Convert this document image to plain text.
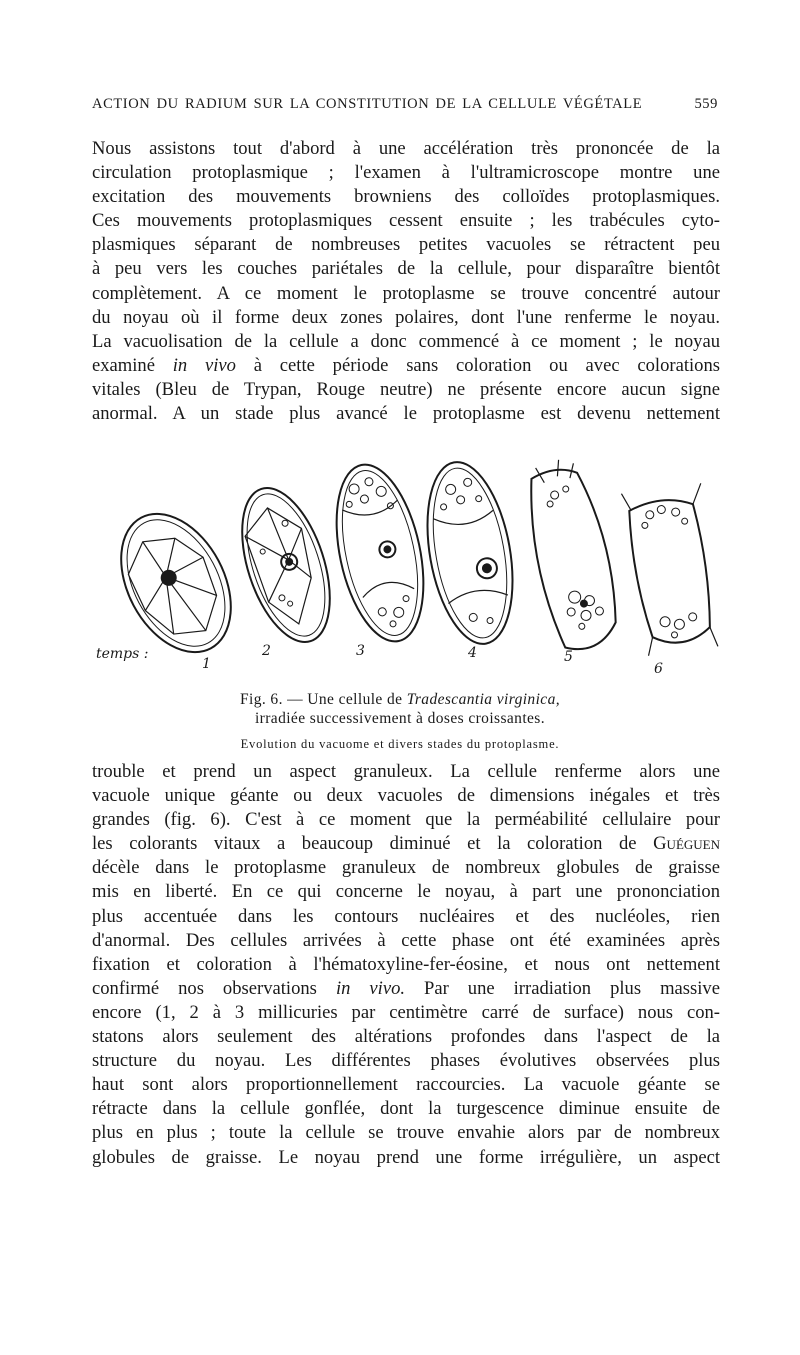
ACTION DU RADIUM SUR LA CONSTITUTION DE LA CELLULE VÉGÉTALE	559

Nous assistons tout d'abord à une accélération très prononcée de la
circulation protoplasmique ; l'examen à l'ultramicroscope montre une
excitation des mouvements browniens des colloïdes protoplasmiques.
Ces mouvements protoplasmiques cessent ensuite ; les trabécules cyto-
plasmiques séparant de nombreuses petites vacuoles se rétractent peu
à peu vers les couches pariétales de la cellule, pour disparaître bientôt
complètement. A ce moment le protoplasme se trouve concentré autour
du noyau où il forme deux zones polaires, dont l'une renferme le noyau.
La vacuolisation de la cellule a donc commencé à ce moment ; le noyau
examiné in vivo à cette période sans coloration ou avec colorations
vitales (Bleu de Trypan, Rouge neutre) ne présente encore aucun signe
anormal. A un stade plus avancé le protoplasme est devenu nettement

temps :
1
2	3	4	5
6
Fig. 6. — Une cellule de Tradescantia virginica,
irradiée successivement à doses croissantes.
Evolution du vacuome et divers stades du protoplasme.

trouble et prend un aspect granuleux. La cellule renferme alors une
vacuole unique géante ou deux vacuoles de dimensions inégales et très
grandes (fig. 6). C'est à ce moment que la perméabilité cellulaire pour
les colorants vitaux a beaucoup diminué et la coloration de Guéguen
décèle dans le protoplasme granuleux de nombreux globules de graisse
mis en liberté. En ce qui concerne le noyau, à part une prononciation
plus accentuée dans les contours nucléaires et des nucléoles, rien
d'anormal. Des cellules arrivées à cette phase ont été examinées après
fixation et coloration à l'hématoxyline-fer-éosine, et nous ont nettement
confirmé nos observations in vivo. Par une irradiation plus massive
encore (1, 2 à 3 millicuries par centimètre carré de surface) nous con-
statons alors seulement des altérations profondes dans l'aspect de la
structure du noyau. Les différentes phases évolutives observées plus
haut sont alors proportionnellement raccourcies. La vacuole géante se
rétracte dans la cellule gonflée, dont la turgescence diminue ensuite de
plus en plus ; toute la cellule se trouve envahie alors par de nombreux
globules de graisse. Le noyau prend une forme irrégulière, un aspect
